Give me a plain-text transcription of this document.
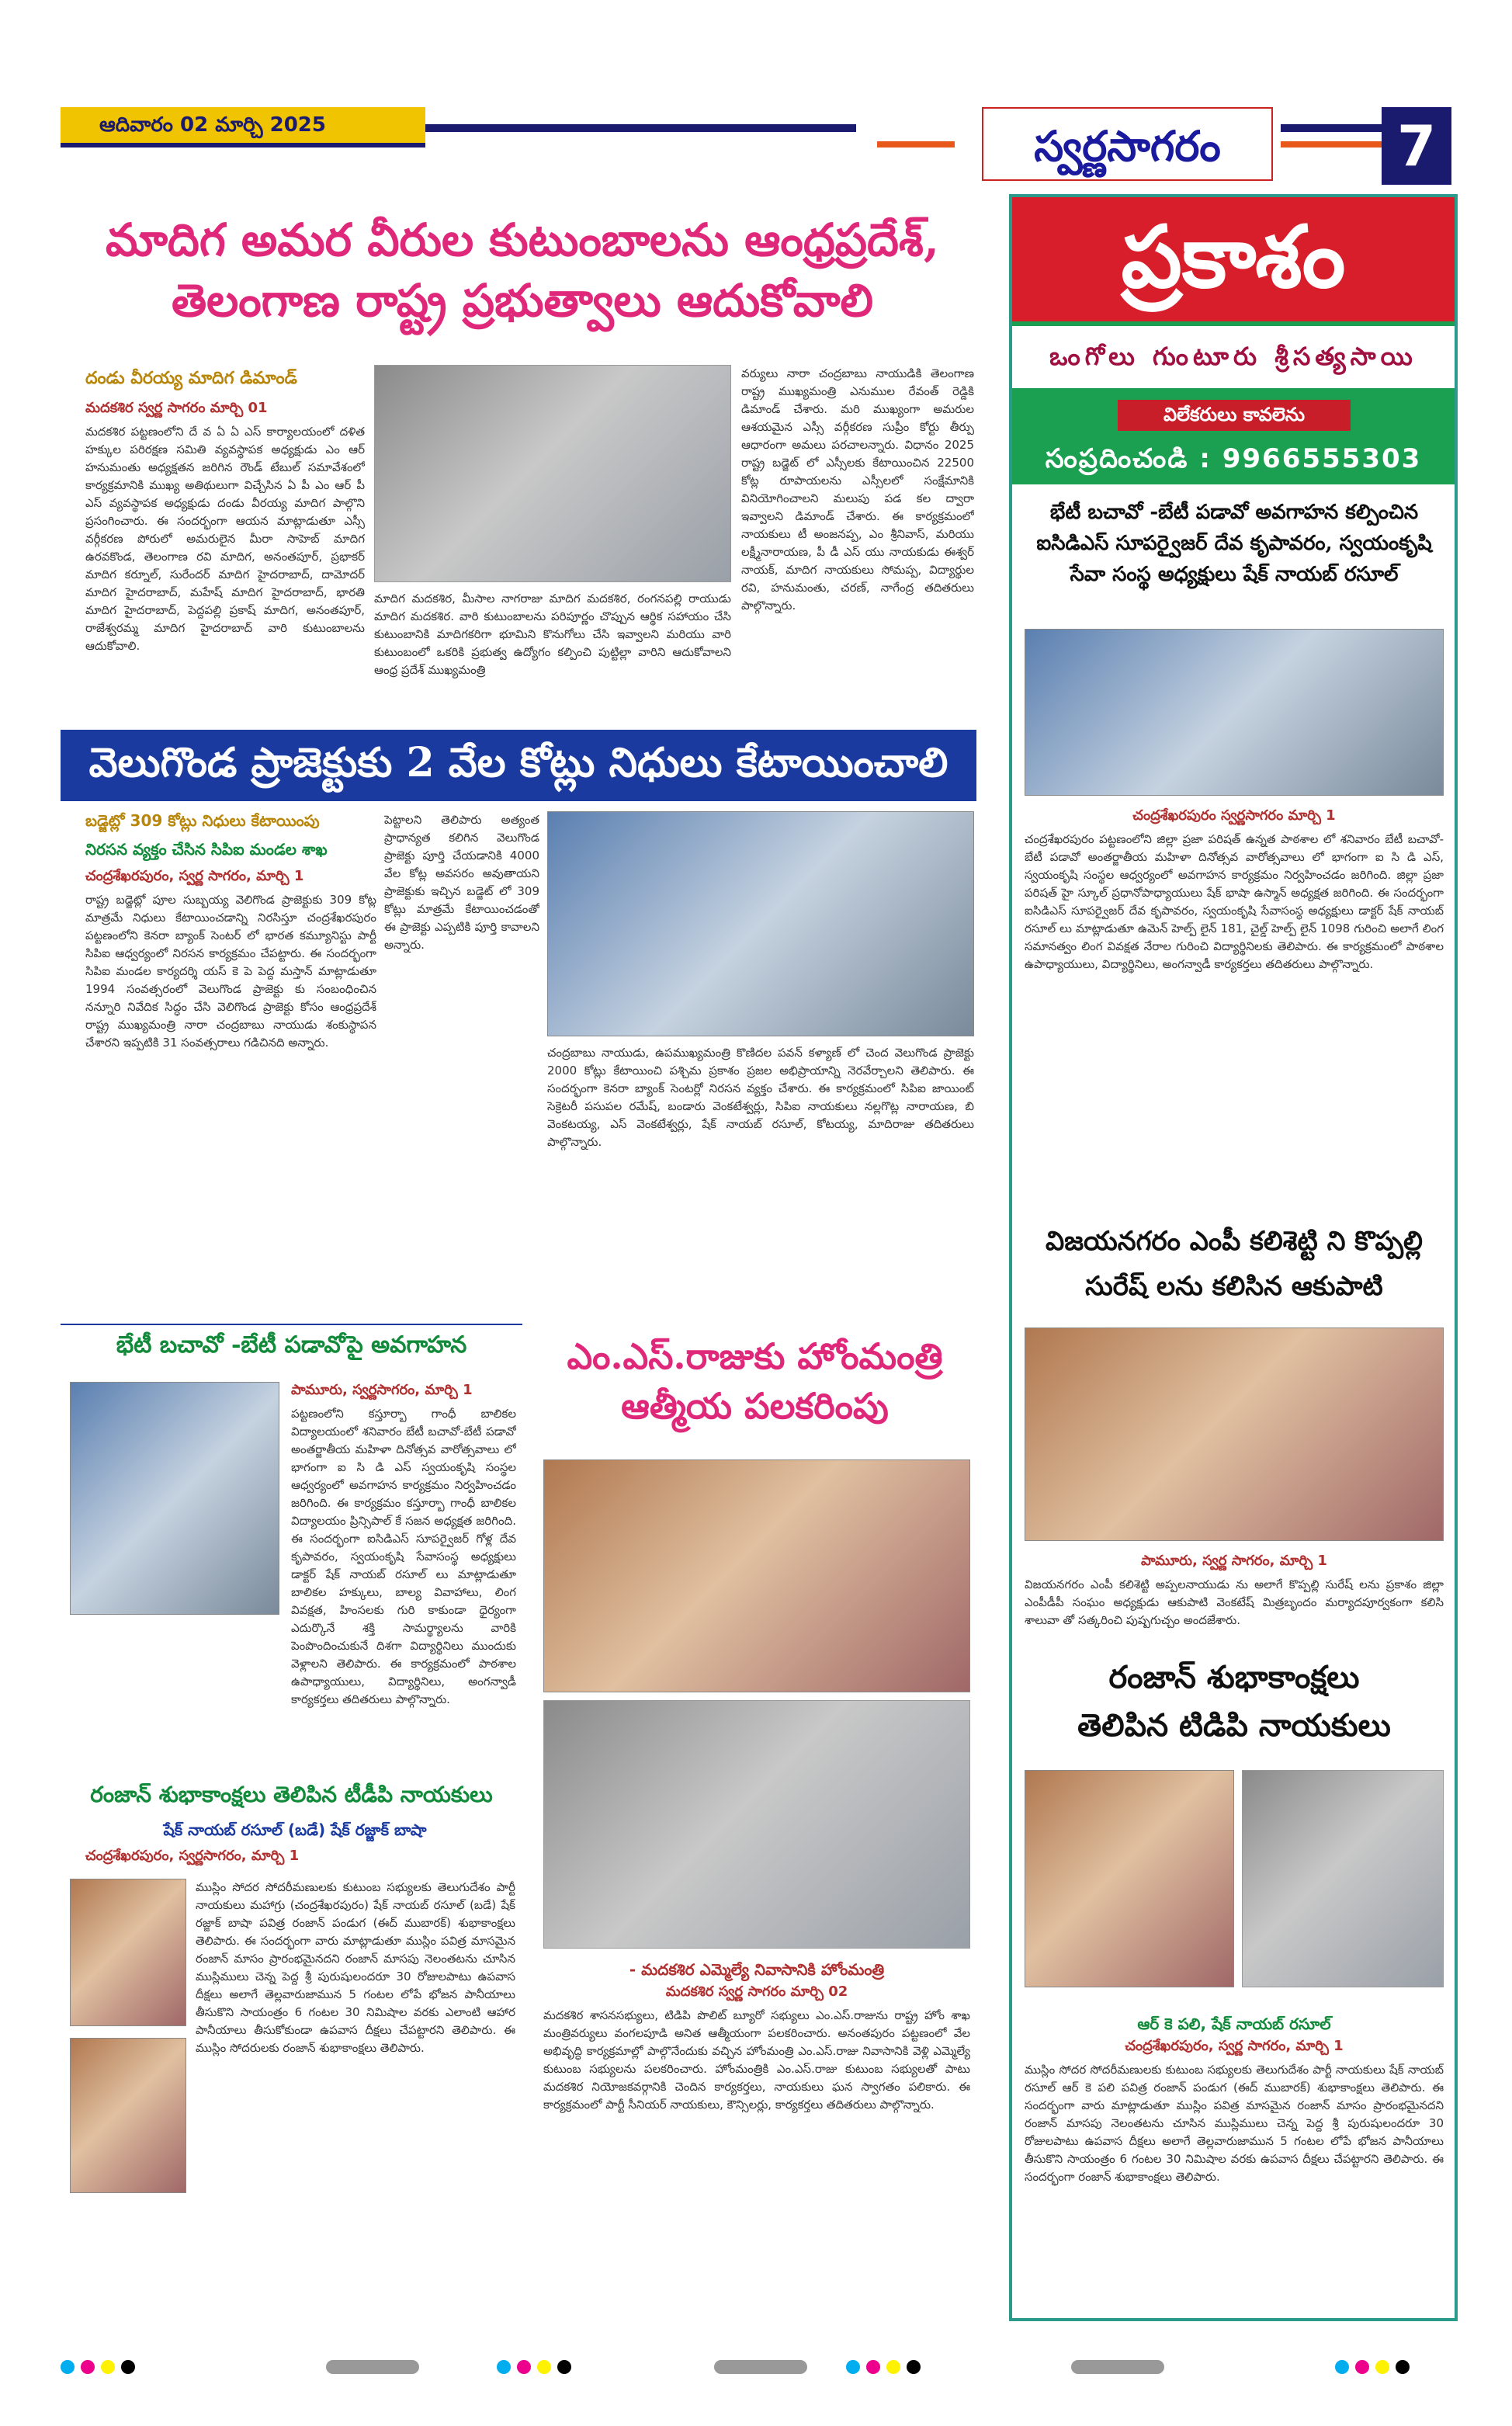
ఆదివారం 02 మార్చి 2025	స్వర్ణసాగరం	7
మాదిగ అమర వీరుల కుటుంబాలను ఆంధ్రప్రదేశ్,
తెలంగాణ రాష్ట్ర ప్రభుత్వాలు ఆదుకోవాలి
దండు వీరయ్య మాదిగ డిమాండ్
మదకశిర స్వర్ణ సాగరం మార్చి 01
మదకశిర పట్టణంలోని దే వ ఏ ఏ ఎస్ కార్యాలయంలో దళిత హక్కుల పరిరక్షణ సమితి వ్యవస్థాపక అధ్యక్షుడు ఎం ఆర్ హనుమంతు అధ్యక్షతన జరిగిన రౌండ్ టేబుల్ సమావేశంలో కార్యక్రమానికి ముఖ్య అతిథులుగా విచ్చేసిన ఏ పీ ఎం ఆర్ పీ ఎస్ వ్యవస్థాపక అధ్యక్షుడు దండు వీరయ్య మాదిగ పాల్గొని ప్రసంగించారు. ఈ సందర్భంగా ఆయన మాట్లాడుతూ ఎస్సీ వర్గీకరణ పోరులో అమరులైన మీరా సాహెబ్ మాదిగ ఉరవకొండ, తెలంగాణ రవి మాదిగ, అనంతపూర్, ప్రభాకర్ మాదిగ కర్నూల్, సురేందర్ మాదిగ హైదరాబాద్, దామోదర్ మాదిగ హైదరాబాద్, మహేష్ మాదిగ హైదరాబాద్, భారతి మాదిగ హైదరాబాద్, పెద్దపల్లి ప్రకాష్ మాదిగ, అనంతపూర్, రాజేశ్వరమ్మ మాదిగ హైదరాబాద్ వారి కుటుంబాలను ఆదుకోవాలి.
మాదిగ మదకశిర, మీసాల నాగరాజు మాదిగ మదకశిర, రంగనపల్లి రాయుడు మాదిగ మదకశిర. వారి కుటుంబాలను పరిపూర్ణం చొప్పున ఆర్థిక సహాయం చేసి కుటుంబానికి మాదిగకరిగా భూమిని కొనుగోలు చేసి ఇవ్వాలని మరియు వారి కుటుంబంలో ఒకరికి ప్రభుత్వ ఉద్యోగం కల్పించి పుట్టిల్లా వారిని ఆదుకోవాలని ఆంధ్ర ప్రదేశ్ ముఖ్యమంత్రి
వర్యులు నారా చంద్రబాబు నాయుడికి తెలంగాణ రాష్ట్ర ముఖ్యమంత్రి ఎనుముల రేవంత్ రెడ్డికి డిమాండ్ చేశారు. మరి ముఖ్యంగా అమరుల ఆశయమైన ఎస్సీ వర్గీకరణ సుప్రీం కోర్టు తీర్పు ఆధారంగా అమలు పరచాలన్నారు. విధానం 2025 రాష్ట్ర బడ్జెట్ లో ఎస్సీలకు కేటాయించిన 22500 కోట్ల రూపాయలను ఎస్సీలలో సంక్షేమానికి వినియోగించాలని మలుపు పడ కల ద్వారా ఇవ్వాలని డిమాండ్ చేశారు. ఈ కార్యక్రమంలో నాయకులు టీ అంజనప్ప, ఎం శ్రీనివాస్, మరియు లక్ష్మీనారాయణ, పీ డీ ఎస్ యు నాయకుడు ఈశ్వర్ నాయక్, మాదిగ నాయకులు సోమప్ప, విద్యార్థుల రవి, హనుమంతు, చరణ్, నాగేంద్ర తదితరులు పాల్గొన్నారు.
వెలుగొండ ప్రాజెక్టుకు 2 వేల కోట్లు నిధులు కేటాయించాలి
బడ్జెట్లో 309 కోట్లు నిధులు కేటాయింపు
నిరసన వ్యక్తం చేసిన సిపిఐ మండల శాఖ
చంద్రశేఖరపురం, స్వర్ణ సాగరం, మార్చి 1
రాష్ట్ర బడ్జెట్లో పూల సుబ్బయ్య వెలిగొండ ప్రాజెక్టుకు 309 కోట్ల మాత్రమే నిధులు కేటాయించడాన్ని నిరసిస్తూ చంద్రశేఖరపురం పట్టణంలోని కెనరా బ్యాంక్ సెంటర్ లో భారత కమ్యూనిస్టు పార్టీ సిపిఐ ఆధ్వర్యంలో నిరసన కార్యక్రమం చేపట్టారు. ఈ సందర్భంగా సిపిఐ మండల కార్యదర్శి యస్ కె పె పెద్ద మస్తాన్ మాట్లాడుతూ 1994 సంవత్సరంలో వెలుగొండ ప్రాజెక్టు కు సంబంధించిన నన్నూరి నివేదిక సిద్ధం చేసి వెలిగొండ ప్రాజెక్టు కోసం ఆంధ్రప్రదేశ్ రాష్ట్ర ముఖ్యమంత్రి నారా చంద్రబాబు నాయుడు శంకుస్థాపన చేశారని ఇప్పటికి 31 సంవత్సరాలు గడిచినది అన్నారు.
పెట్టాలని తెలిపారు అత్యంత ప్రాధాన్యత కలిగిన వెలుగొండ ప్రాజెక్టు పూర్తి చేయడానికి 4000 వేల కోట్ల అవసరం అవుతాయని ప్రాజెక్టుకు ఇచ్చిన బడ్జెట్ లో 309 కోట్లు మాత్రమే కేటాయించడంతో ఈ ప్రాజెక్టు ఎప్పటికి పూర్తి కావాలని అన్నారు.
చంద్రబాబు నాయుడు, ఉపముఖ్యమంత్రి కొణిదల పవన్ కళ్యాణ్ లో చెంద వెలుగొండ ప్రాజెక్టు 2000 కోట్లు కేటాయించి పశ్చిమ ప్రకాశం ప్రజల అభిప్రాయాన్ని నెరవేర్చాలని తెలిపారు. ఈ సందర్భంగా కెనరా బ్యాంక్ సెంటర్లో నిరసన వ్యక్తం చేశారు. ఈ కార్యక్రమంలో సిపిఐ జాయింట్ సెక్రెటరీ పసుపల రమేష్, బండారు వెంకటేశ్వర్లు, సిపిఐ నాయకులు నల్లగొట్ల నారాయణ, బి వెంకటయ్య, ఎస్ వెంకటేశ్వర్లు, షేక్ నాయబ్ రసూల్, కోటయ్య, మాదిరాజు తదితరులు పాల్గొన్నారు.
భేటీ బచావో -బేటీ పడావోపై అవగాహన
పామూరు, స్వర్ణసాగరం, మార్చి 1
పట్టణంలోని కస్తూర్బా గాంధీ బాలికల విద్యాలయంలో శనివారం బేటీ బచావో-బేటీ పడావో అంతర్జాతీయ మహిళా దినోత్సవ వారోత్సవాలు లో భాగంగా ఐ సి డి ఎస్ స్వయంకృషి సంస్థల ఆధ్వర్యంలో అవగాహన కార్యక్రమం నిర్వహించడం జరిగింది. ఈ కార్యక్రమం కస్తూర్బా గాంధీ బాలికల విద్యాలయం ప్రిన్సిపాల్ కే సజన అధ్యక్షత జరిగింది. ఈ సందర్భంగా ఐసిడిఎస్ సూపర్వైజర్ గోళ్ల దేవ కృపావరం, స్వయంకృషి సేవాసంస్థ అధ్యక్షులు డాక్టర్ షేక్ నాయబ్ రసూల్ లు మాట్లాడుతూ బాలికల హక్కులు, బాల్య వివాహాలు, లింగ వివక్షత, హింసలకు గురి కాకుండా ధైర్యంగా ఎదుర్కొనే శక్తి సామర్థ్యాలను వారికి పెంపొందించుకునే దిశగా విద్యార్థినిలు ముందుకు వెళ్లాలని తెలిపారు. ఈ కార్యక్రమంలో పాఠశాల ఉపాధ్యాయులు, విద్యార్థినిలు, అంగన్వాడీ కార్యకర్తలు తదితరులు పాల్గొన్నారు.
రంజాన్ శుభాకాంక్షలు తెలిపిన టీడీపి నాయకులు
షేక్ నాయబ్ రసూల్ (బడే) షేక్ రజ్జాక్ బాషా
చంద్రశేఖరపురం, స్వర్ణసాగరం, మార్చి 1
ముస్లిం సోదర సోదరీమణులకు కుటుంబ సభ్యులకు తెలుగుదేశం పార్టీ నాయకులు మహాగ్రు (చంద్రశేఖరపురం) షేక్ నాయబ్ రసూల్ (బడే) షేక్ రజ్జాక్ బాషా పవిత్ర రంజాన్ పండుగ (ఈద్ ముబారక్) శుభాకాంక్షలు తెలిపారు. ఈ సందర్భంగా వారు మాట్లాడుతూ ముస్లిం పవిత్ర మాసమైన రంజాన్ మాసం ప్రారంభమైనదని రంజాన్ మాసపు నెలంతటను చూసిన ముస్లిములు చెన్న పెద్ద శ్రీ పురుషులందరూ 30 రోజులపాటు ఉపవాస దీక్షలు అలాగే తెల్లవారుజామున 5 గంటల లోపే భోజన పానీయాలు తీసుకొని సాయంత్రం 6 గంటల 30 నిమిషాల వరకు ఎలాంటి ఆహార పానీయాలు తీసుకోకుండా ఉపవాస దీక్షలు చేపట్టారని తెలిపారు. ఈ ముస్లిం సోదరులకు రంజాన్ శుభాకాంక్షలు తెలిపారు.
ఎం.ఎస్.రాజుకు హోంమంత్రి
ఆత్మీయ పలకరింపు
- మదకశిర ఎమ్మెల్యే నివాసానికి హోంమంత్రి
మదకశిర స్వర్ణ సాగరం మార్చి 02
మదకశిర శాసనసభ్యులు, టిడిపి పొలిట్ బ్యూరో సభ్యులు ఎం.ఎస్.రాజును రాష్ట్ర హోం శాఖ మంత్రివర్యులు వంగలపూడి అనిత ఆత్మీయంగా పలకరించారు. అనంతపురం పట్టణంలో వేల అభివృద్ధి కార్యక్రమాల్లో పాల్గొనేందుకు వచ్చిన హోంమంత్రి ఎం.ఎస్.రాజు నివాసానికి వెళ్లి ఎమ్మెల్యే కుటుంబ సభ్యులను పలకరించారు. హోంమంత్రికి ఎం.ఎస్.రాజు కుటుంబ సభ్యులతో పాటు మదకశిర నియోజకవర్గానికి చెందిన కార్యకర్తలు, నాయకులు ఘన స్వాగతం పలికారు. ఈ కార్యక్రమంలో పార్టీ సీనియర్ నాయకులు, కౌన్సిలర్లు, కార్యకర్తలు తదితరులు పాల్గొన్నారు.
ప్రకాశం
ఒంగోలు గుంటూరు శ్రీసత్యసాయి
విలేకరులు కావలెను
సంప్రదించండి : 9966555303
భేటీ బచావో -బేటీ పడావో అవగాహన కల్పించిన ఐసిడిఎస్ సూపర్వైజర్ దేవ కృపావరం, స్వయంకృషి సేవా సంస్థ అధ్యక్షులు షేక్ నాయబ్ రసూల్
చంద్రశేఖరపురం స్వర్ణసాగరం మార్చి 1
చంద్రశేఖరపురం పట్టణంలోని జిల్లా ప్రజా పరిషత్ ఉన్నత పాఠశాల లో శనివారం బేటీ బచావో-బేటీ పడావో అంతర్జాతీయ మహిళా దినోత్సవ వారోత్సవాలు లో భాగంగా ఐ సి డి ఎస్, స్వయంకృషి సంస్థల ఆధ్వర్యంలో అవగాహన కార్యక్రమం నిర్వహించడం జరిగింది. జిల్లా ప్రజా పరిషత్ హై స్కూల్ ప్రధానోపాధ్యాయులు షేక్ భాషా ఉస్మాన్ అధ్యక్షత జరిగింది. ఈ సందర్భంగా ఐసిడిఎస్ సూపర్వైజర్ దేవ కృపావరం, స్వయంకృషి సేవాసంస్థ అధ్యక్షులు డాక్టర్ షేక్ నాయబ్ రసూల్ లు మాట్లాడుతూ ఉమెన్ హెల్ప్ లైన్ 181, చైల్డ్ హెల్ప్ లైన్ 1098 గురించి అలాగే లింగ సమానత్వం లింగ వివక్షత నేరాల గురించి విద్యార్థినిలకు తెలిపారు. ఈ కార్యక్రమంలో పాఠశాల ఉపాధ్యాయులు, విద్యార్థినిలు, అంగన్వాడీ కార్యకర్తలు తదితరులు పాల్గొన్నారు.
విజయనగరం ఎంపీ కలిశెట్టి ని కొప్పల్లి
సురేష్ లను కలిసిన ఆకుపాటి
పామూరు, స్వర్ణ సాగరం, మార్చి 1
విజయనగరం ఎంపీ కలిశెట్టి అప్పలనాయుడు ను అలాగే కొప్పల్లి సురేష్ లను ప్రకాశం జిల్లా ఎంపీడీపీ సంఘం అధ్యక్షుడు ఆకుపాటి వెంకటేష్ మిత్రబృందం మర్యాదపూర్వకంగా కలిసి శాలువా తో సత్కరించి పుష్పగుచ్చం అందజేశారు.
రంజాన్ శుభాకాంక్షలు
తెలిపిన టిడిపి నాయకులు
ఆర్ కె పలి, షేక్ నాయబ్ రసూల్
చంద్రశేఖరపురం, స్వర్ణ సాగరం, మార్చి 1
ముస్లిం సోదర సోదరీమణులకు కుటుంబ సభ్యులకు తెలుగుదేశం పార్టీ నాయకులు షేక్ నాయబ్ రసూల్ ఆర్ కె పలి పవిత్ర రంజాన్ పండుగ (ఈద్ ముబారక్) శుభాకాంక్షలు తెలిపారు. ఈ సందర్భంగా వారు మాట్లాడుతూ ముస్లిం పవిత్ర మాసమైన రంజాన్ మాసం ప్రారంభమైనదని రంజాన్ మాసపు నెలంతటను చూసిన ముస్లిములు చెన్న పెద్ద శ్రీ పురుషులందరూ 30 రోజులపాటు ఉపవాస దీక్షలు అలాగే తెల్లవారుజామున 5 గంటల లోపే భోజన పానీయాలు తీసుకొని సాయంత్రం 6 గంటల 30 నిమిషాల వరకు ఉపవాస దీక్షలు చేపట్టారని తెలిపారు. ఈ సందర్భంగా రంజాన్ శుభాకాంక్షలు తెలిపారు.
